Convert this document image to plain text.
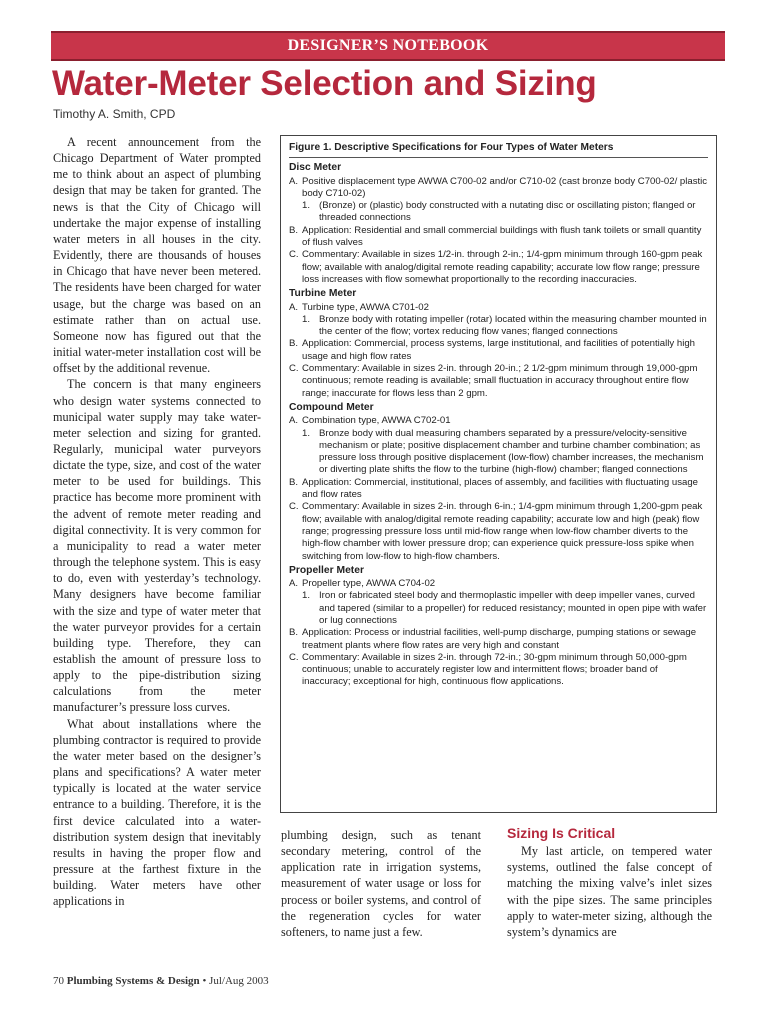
DESIGNER’S NOTEBOOK
Water-Meter Selection and Sizing
Timothy A. Smith, CPD

A recent announcement from the Chicago Department of Water prompted me to think about an aspect of plumbing design that may be taken for granted. The news is that the City of Chicago will undertake the major expense of installing water meters in all houses in the city. Evidently, there are thousands of houses in Chicago that have never been metered. The residents have been charged for water usage, but the charge was based on an estimate rather than on actual use. Someone now has figured out that the initial water-meter installation cost will be offset by the additional revenue.

The concern is that many engineers who design water systems connected to municipal water supply may take water-meter selection and sizing for granted. Regularly, municipal water purveyors dictate the type, size, and cost of the water meter to be used for buildings. This practice has become more prominent with the advent of remote meter reading and digital connectivity. It is very common for a municipality to read a water meter through the telephone system. This is easy to do, even with yesterday’s technology. Many designers have become familiar with the size and type of water meter that the water purveyor provides for a certain building type. Therefore, they can establish the amount of pressure loss to apply to the pipe-distribution sizing calculations from the meter manufacturer’s pressure loss curves.

What about installations where the plumbing contractor is required to provide the water meter based on the designer’s plans and specifications? A water meter typically is located at the water service entrance to a building. Therefore, it is the first device calculated into a water-distribution system design that inevitably results in having the proper flow and pressure at the farthest fixture in the building. Water meters have other applications in

Figure 1. Descriptive Specifications for Four Types of Water Meters
Disc Meter
A. Positive displacement type AWWA C700-02 and/or C710-02 (cast bronze body C700-02/ plastic body C710-02)
1. (Bronze) or (plastic) body constructed with a nutating disc or oscillating piston; flanged or threaded connections
B. Application: Residential and small commercial buildings with flush tank toilets or small quantity of flush valves
C. Commentary: Available in sizes 1/2-in. through 2-in.; 1/4-gpm minimum through 160-gpm peak flow; available with analog/digital remote reading capability; accurate low flow range; pressure loss increases with flow somewhat proportionally to the recording inaccuracies.
Turbine Meter
A. Turbine type, AWWA C701-02
1. Bronze body with rotating impeller (rotar) located within the measuring chamber mounted in the center of the flow; vortex reducing flow vanes; flanged connections
B. Application: Commercial, process systems, large institutional, and facilities of potentially high usage and high flow rates
C. Commentary: Available in sizes 2-in. through 20-in.; 2 1/2-gpm minimum through 19,000-gpm continuous; remote reading is available; small fluctuation in accuracy throughout entire flow range; inaccurate for flows less than 2 gpm.
Compound Meter
A. Combination type, AWWA C702-01
1. Bronze body with dual measuring chambers separated by a pressure/velocity-sensitive mechanism or plate; positive displacement chamber and turbine chamber combination; as pressure loss through positive displacement (low-flow) chamber increases, the mechanism or diverting plate shifts the flow to the turbine (high-flow) chamber; flanged connections
B. Application: Commercial, institutional, places of assembly, and facilities with fluctuating usage and flow rates
C. Commentary: Available in sizes 2-in. through 6-in.; 1/4-gpm minimum through 1,200-gpm peak flow; available with analog/digital remote reading capability; accurate low and high (peak) flow range; progressing pressure loss until mid-flow range when low-flow chamber diverts to the high-flow chamber with lower pressure drop; can experience quick pressure-loss spike when switching from low-flow to high-flow chambers.
Propeller Meter
A. Propeller type, AWWA C704-02
1. Iron or fabricated steel body and thermoplastic impeller with deep impeller vanes, curved and tapered (similar to a propeller) for reduced resistancy; mounted in open pipe with wafer or lug connections
B. Application: Process or industrial facilities, well-pump discharge, pumping stations or sewage treatment plants where flow rates are very high and constant
C. Commentary: Available in sizes 2-in. through 72-in.; 30-gpm minimum through 50,000-gpm continuous; unable to accurately register low and intermittent flows; broader band of inaccuracy; exceptional for high, continuous flow applications.

plumbing design, such as tenant secondary metering, control of the application rate in irrigation systems, measurement of water usage or loss for process or boiler systems, and control of the regeneration cycles for water softeners, to name just a few.

Sizing Is Critical

My last article, on tempered water systems, outlined the false concept of matching the mixing valve’s inlet sizes with the pipe sizes. The same principles apply to water-meter sizing, although the system’s dynamics are

70 Plumbing Systems & Design • Jul/Aug 2003
